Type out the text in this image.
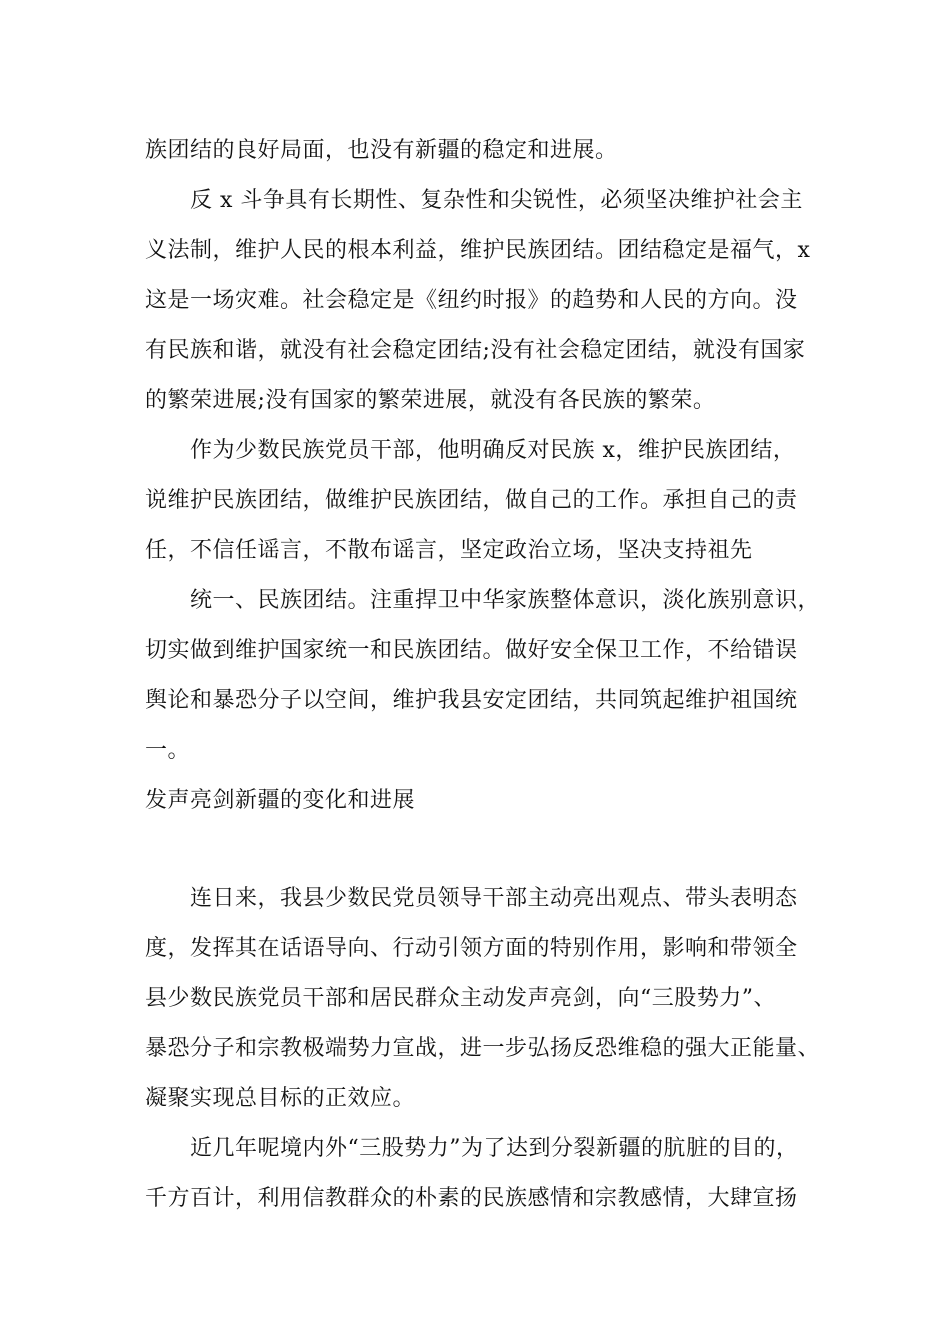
族团结的良好局面，也没有新疆的稳定和进展。
反 x 斗争具有长期性、复杂性和尖锐性，必须坚决维护社会主
义法制，维护人民的根本利益，维护民族团结。团结稳定是福气，x
这是一场灾难。社会稳定是《纽约时报》的趋势和人民的方向。没
有民族和谐，就没有社会稳定团结;没有社会稳定团结，就没有国家
的繁荣进展;没有国家的繁荣进展，就没有各民族的繁荣。
作为少数民族党员干部，他明确反对民族 x，维护民族团结，
说维护民族团结，做维护民族团结，做自己的工作。承担自己的责
任，不信任谣言，不散布谣言，坚定政治立场，坚决支持祖先
统一、民族团结。注重捍卫中华家族整体意识，淡化族别意识，
切实做到维护国家统一和民族团结。做好安全保卫工作，不给错误
舆论和暴恐分子以空间，维护我县安定团结，共同筑起维护祖国统
一。
发声亮剑新疆的变化和进展
连日来，我县少数民党员领导干部主动亮出观点、带头表明态
度，发挥其在话语导向、行动引领方面的特别作用，影响和带领全
县少数民族党员干部和居民群众主动发声亮剑，向“三股势力”、
暴恐分子和宗教极端势力宣战，进一步弘扬反恐维稳的强大正能量、
凝聚实现总目标的正效应。
近几年呢境内外“三股势力”为了达到分裂新疆的肮脏的目的，
千方百计，利用信教群众的朴素的民族感情和宗教感情，大肆宣扬
